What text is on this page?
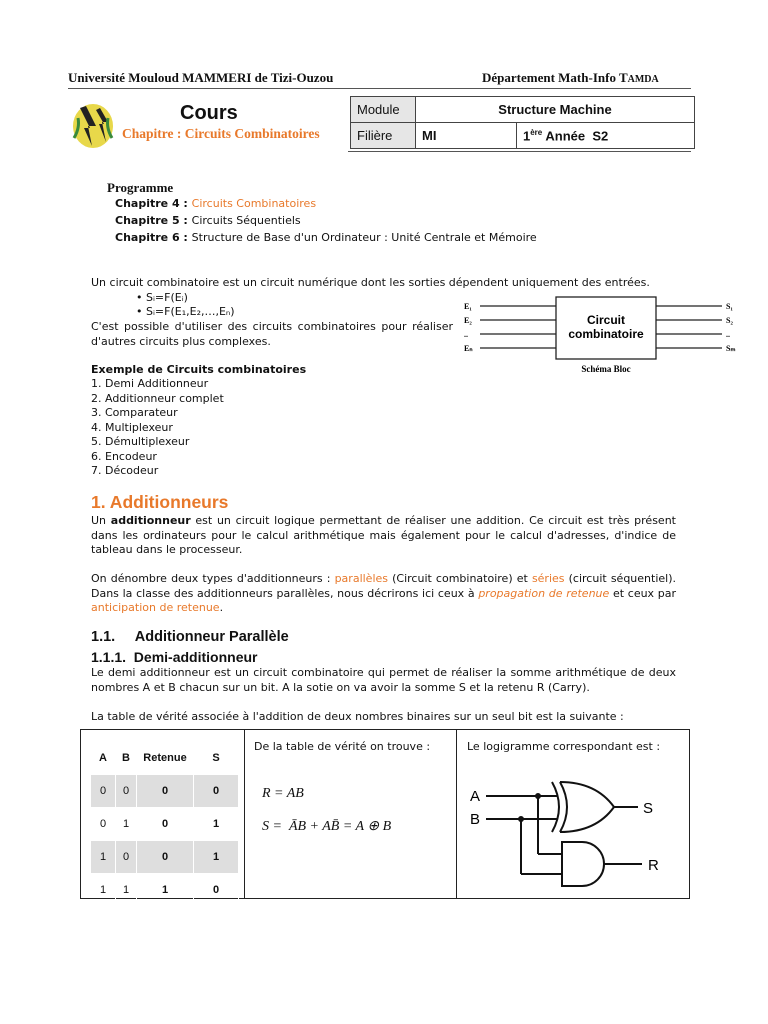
Université Mouloud MAMMERI de Tizi-Ouzou	Département Math-Info TAMDA
Cours
Chapitre : Circuits Combinatoires
Module	Structure Machine	
Filière	MI	1ère Année  S2
Programme
Chapitre 4 : Circuits Combinatoires
Chapitre 5 : Circuits Séquentiels
Chapitre 6 : Structure de Base d'un Ordinateur : Unité Centrale et Mémoire
Un circuit combinatoire est un circuit numérique dont les sorties dépendent uniquement des entrées.
• Sᵢ=F(Eᵢ)
• Sᵢ=F(E₁,E₂,…,Eₙ)
C'est possible d'utiliser des circuits combinatoires pour réaliser d'autres circuits plus complexes.
Circuit
combinatoire
E₁
E₂
..
Eₙ
S₁
S₂
..
Sₘ
Schéma Bloc
Exemple de Circuits combinatoires
1. Demi Additionneur
2. Additionneur complet
3. Comparateur
4. Multiplexeur
5. Démultiplexeur
6. Encodeur
7. Décodeur
1. Additionneurs
Un additionneur est un circuit logique permettant de réaliser une addition. Ce circuit est très présent dans les ordinateurs pour le calcul arithmétique mais également pour le calcul d'adresses, d'indice de tableau dans le processeur.
On dénombre deux types d'additionneurs : parallèles (Circuit combinatoire) et séries (circuit séquentiel). Dans la classe des additionneurs parallèles, nous décrirons ici ceux à propagation de retenue et ceux par anticipation de retenue.
1.1.     Additionneur Parallèle
1.1.1.  Demi-additionneur
Le demi additionneur est un circuit combinatoire qui permet de réaliser la somme arithmétique de deux nombres A et B chacun sur un bit. A la sotie on va avoir la somme S et la retenu R (Carry).
La table de vérité associée à l'addition de deux nombres binaires sur un seul bit est la suivante :
A	B	Retenue	S
0	0	0	0
0	1	0	1
1	0	0	1
1	1	1	0
De la table de vérité on trouve :
R = AB
S =  ĀB + AB̄ = A ⊕ B
Le logigramme correspondant est :
A
B
S
R
